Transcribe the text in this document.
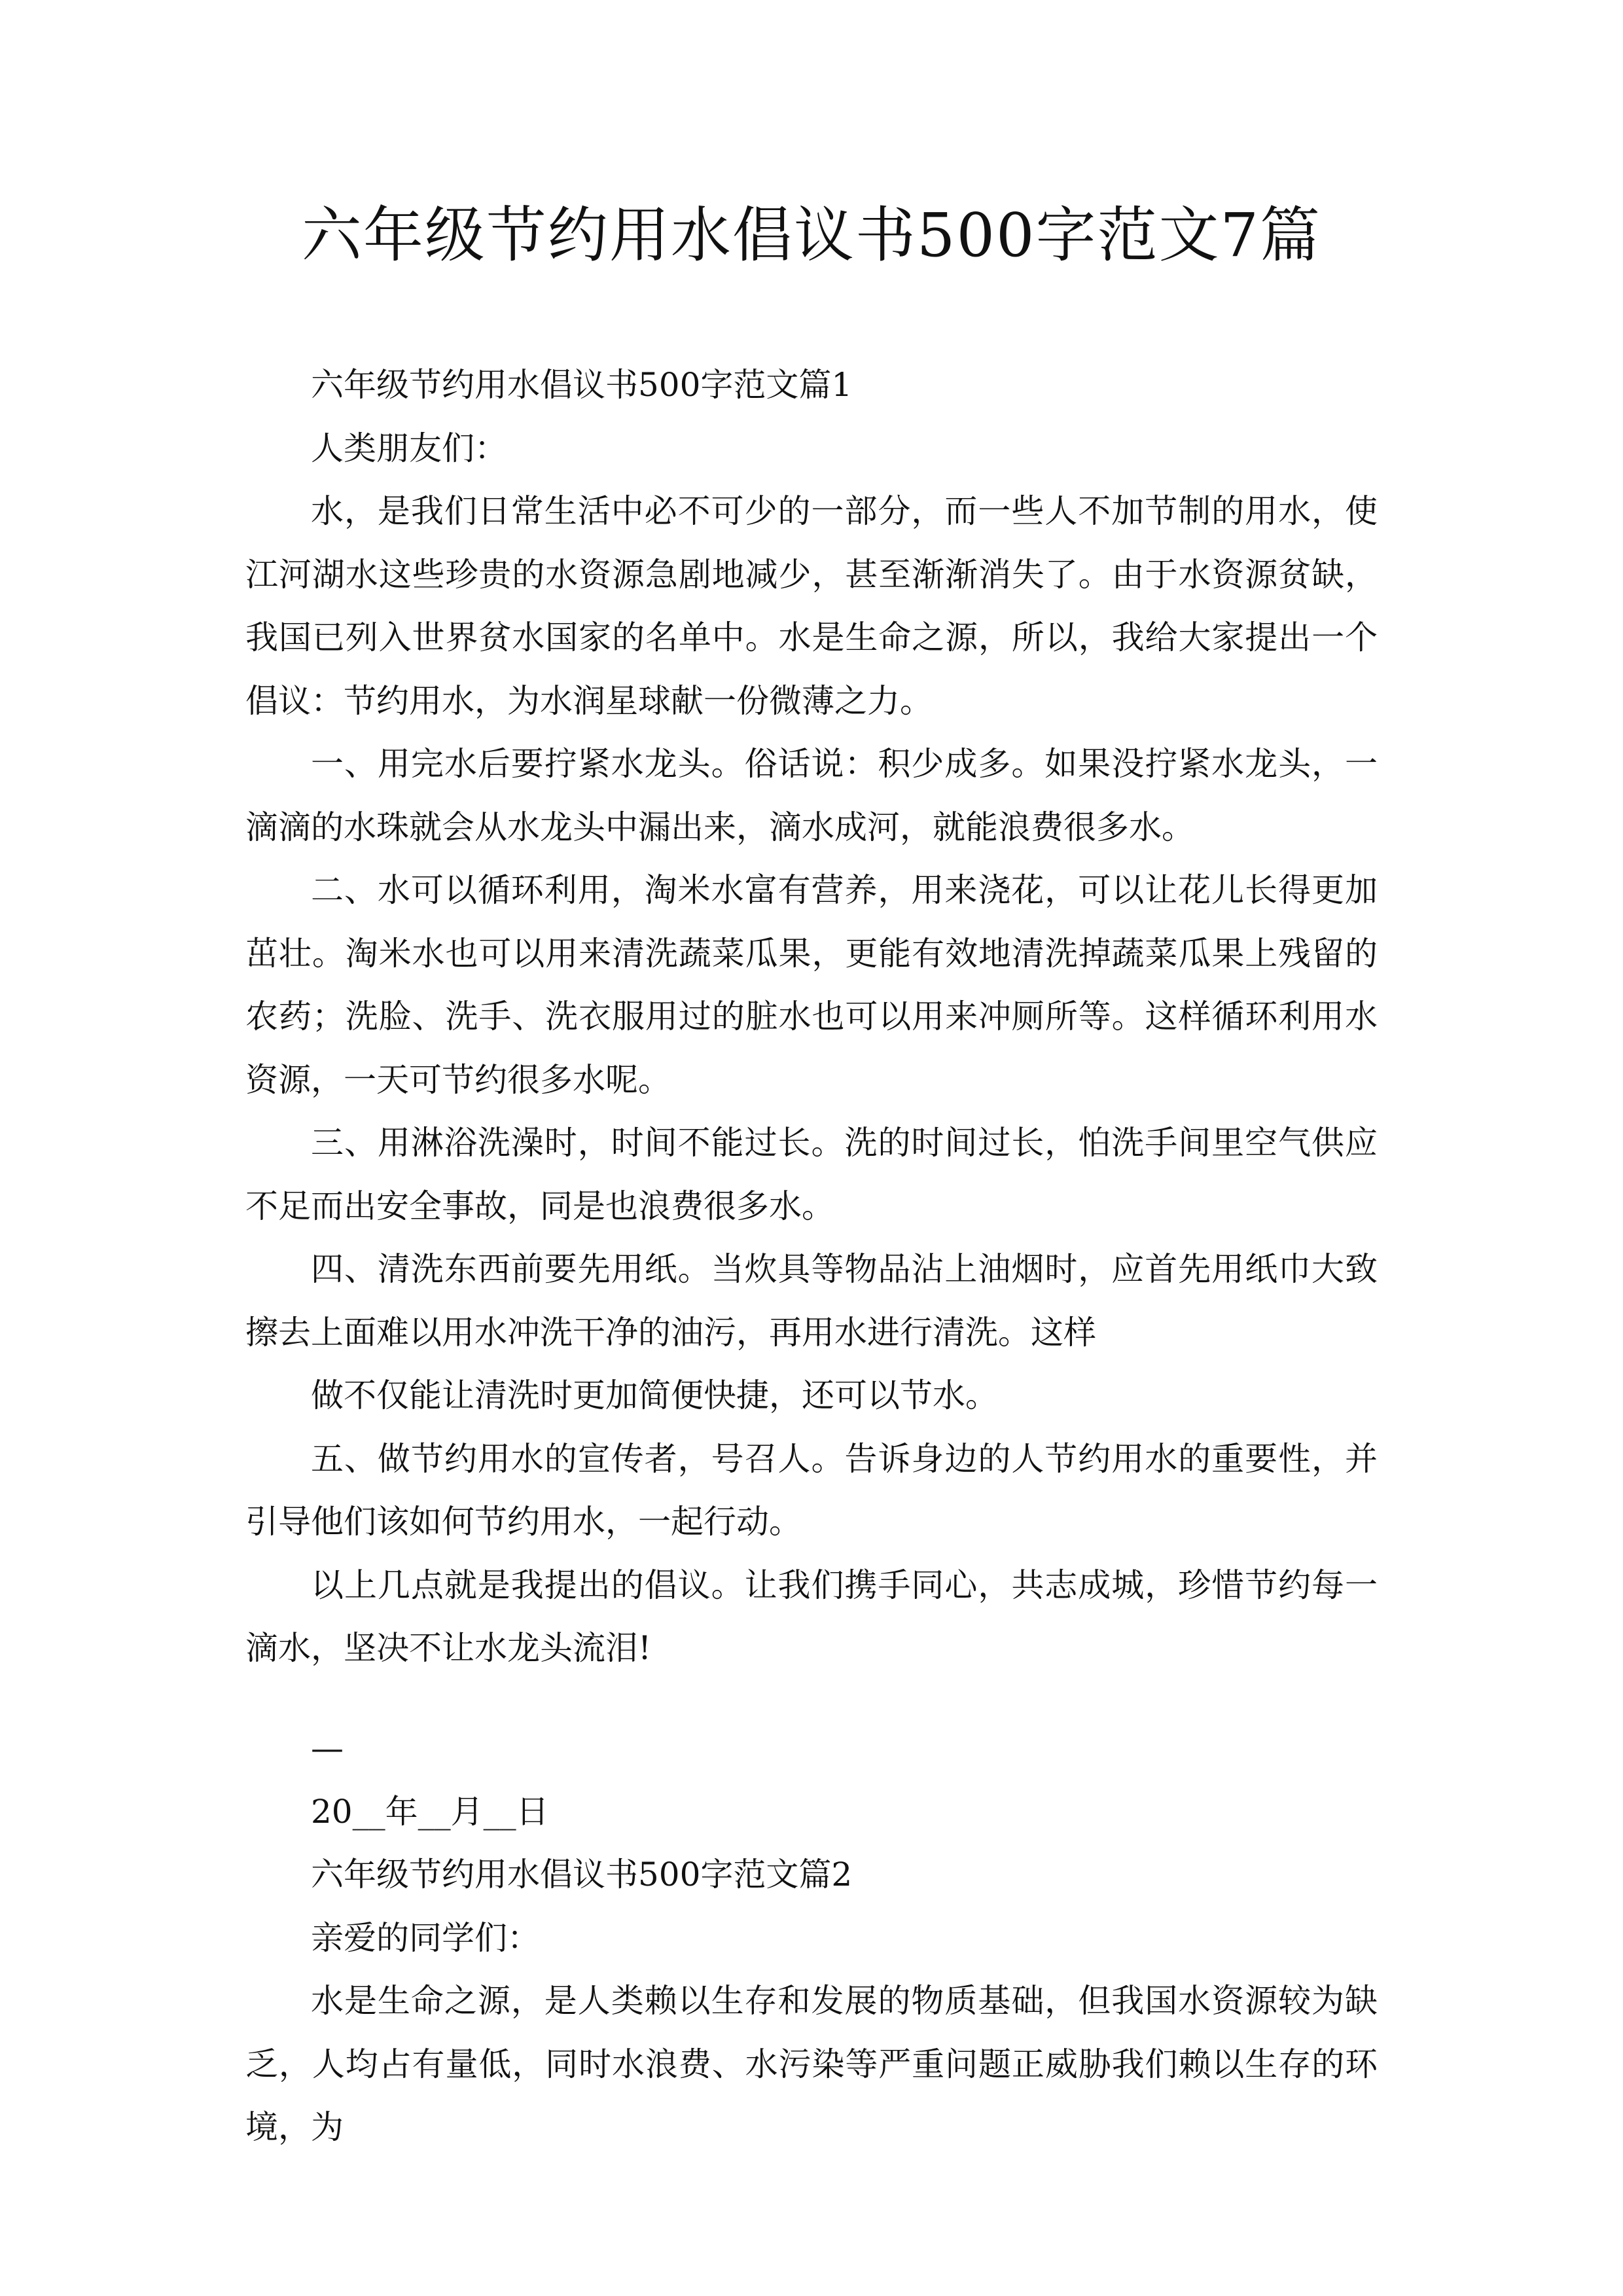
六年级节约用水倡议书500字范文7篇

六年级节约用水倡议书500字范文篇1

人类朋友们：

水，是我们日常生活中必不可少的一部分，而一些人不加节制的用水，使江河湖水这些珍贵的水资源急剧地减少，甚至渐渐消失了。由于水资源贫缺，我国已列入世界贫水国家的名单中。水是生命之源，所以，我给大家提出一个倡议：节约用水，为水润星球献一份微薄之力。

一、用完水后要拧紧水龙头。俗话说：积少成多。如果没拧紧水龙头，一滴滴的水珠就会从水龙头中漏出来，滴水成河，就能浪费很多水。

二、水可以循环利用，淘米水富有营养，用来浇花，可以让花儿长得更加茁壮。淘米水也可以用来清洗蔬菜瓜果，更能有效地清洗掉蔬菜瓜果上残留的农药；洗脸、洗手、洗衣服用过的脏水也可以用来冲厕所等。这样循环利用水资源，一天可节约很多水呢。

三、用淋浴洗澡时，时间不能过长。洗的时间过长，怕洗手间里空气供应不足而出安全事故，同是也浪费很多水。

四、清洗东西前要先用纸。当炊具等物品沾上油烟时，应首先用纸巾大致擦去上面难以用水冲洗干净的油污，再用水进行清洗。这样

做不仅能让清洗时更加简便快捷，还可以节水。

五、做节约用水的宣传者，号召人。告诉身边的人节约用水的重要性，并引导他们该如何节约用水，一起行动。

以上几点就是我提出的倡议。让我们携手同心，共志成城，珍惜节约每一滴水，坚决不让水龙头流泪!

—

20__年__月__日

六年级节约用水倡议书500字范文篇2

亲爱的同学们：

水是生命之源，是人类赖以生存和发展的物质基础，但我国水资源较为缺乏，人均占有量低，同时水浪费、水污染等严重问题正威胁我们赖以生存的环境，为
